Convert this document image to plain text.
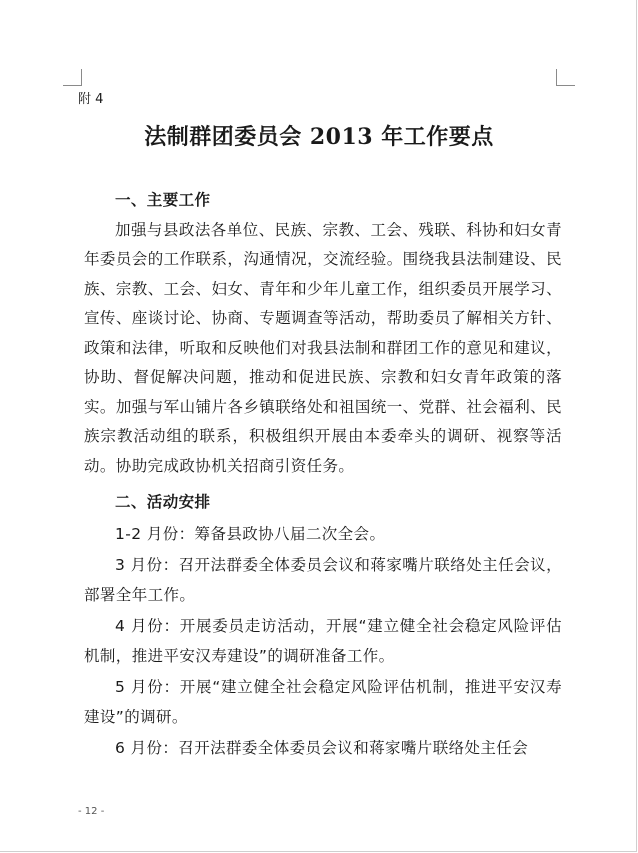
附 4
法制群团委员会 2013 年工作要点
一、主要工作

加强与县政法各单位、民族、宗教、工会、残联、科协和妇女青年委员会的工作联系，沟通情况，交流经验。围绕我县法制建设、民族、宗教、工会、妇女、青年和少年儿童工作，组织委员开展学习、宣传、座谈讨论、协商、专题调查等活动，帮助委员了解相关方针、政策和法律，听取和反映他们对我县法制和群团工作的意见和建议，协助、督促解决问题，推动和促进民族、宗教和妇女青年政策的落实。加强与军山铺片各乡镇联络处和祖国统一、党群、社会福利、民族宗教活动组的联系，积极组织开展由本委牵头的调研、视察等活动。协助完成政协机关招商引资任务。

二、活动安排

1-2 月份：筹备县政协八届二次全会。

3 月份：召开法群委全体委员会议和蒋家嘴片联络处主任会议，部署全年工作。

4 月份：开展委员走访活动，开展“建立健全社会稳定风险评估机制，推进平安汉寿建设”的调研准备工作。

5 月份：开展“建立健全社会稳定风险评估机制，推进平安汉寿建设”的调研。

6 月份：召开法群委全体委员会议和蒋家嘴片联络处主任会

- 12 -
